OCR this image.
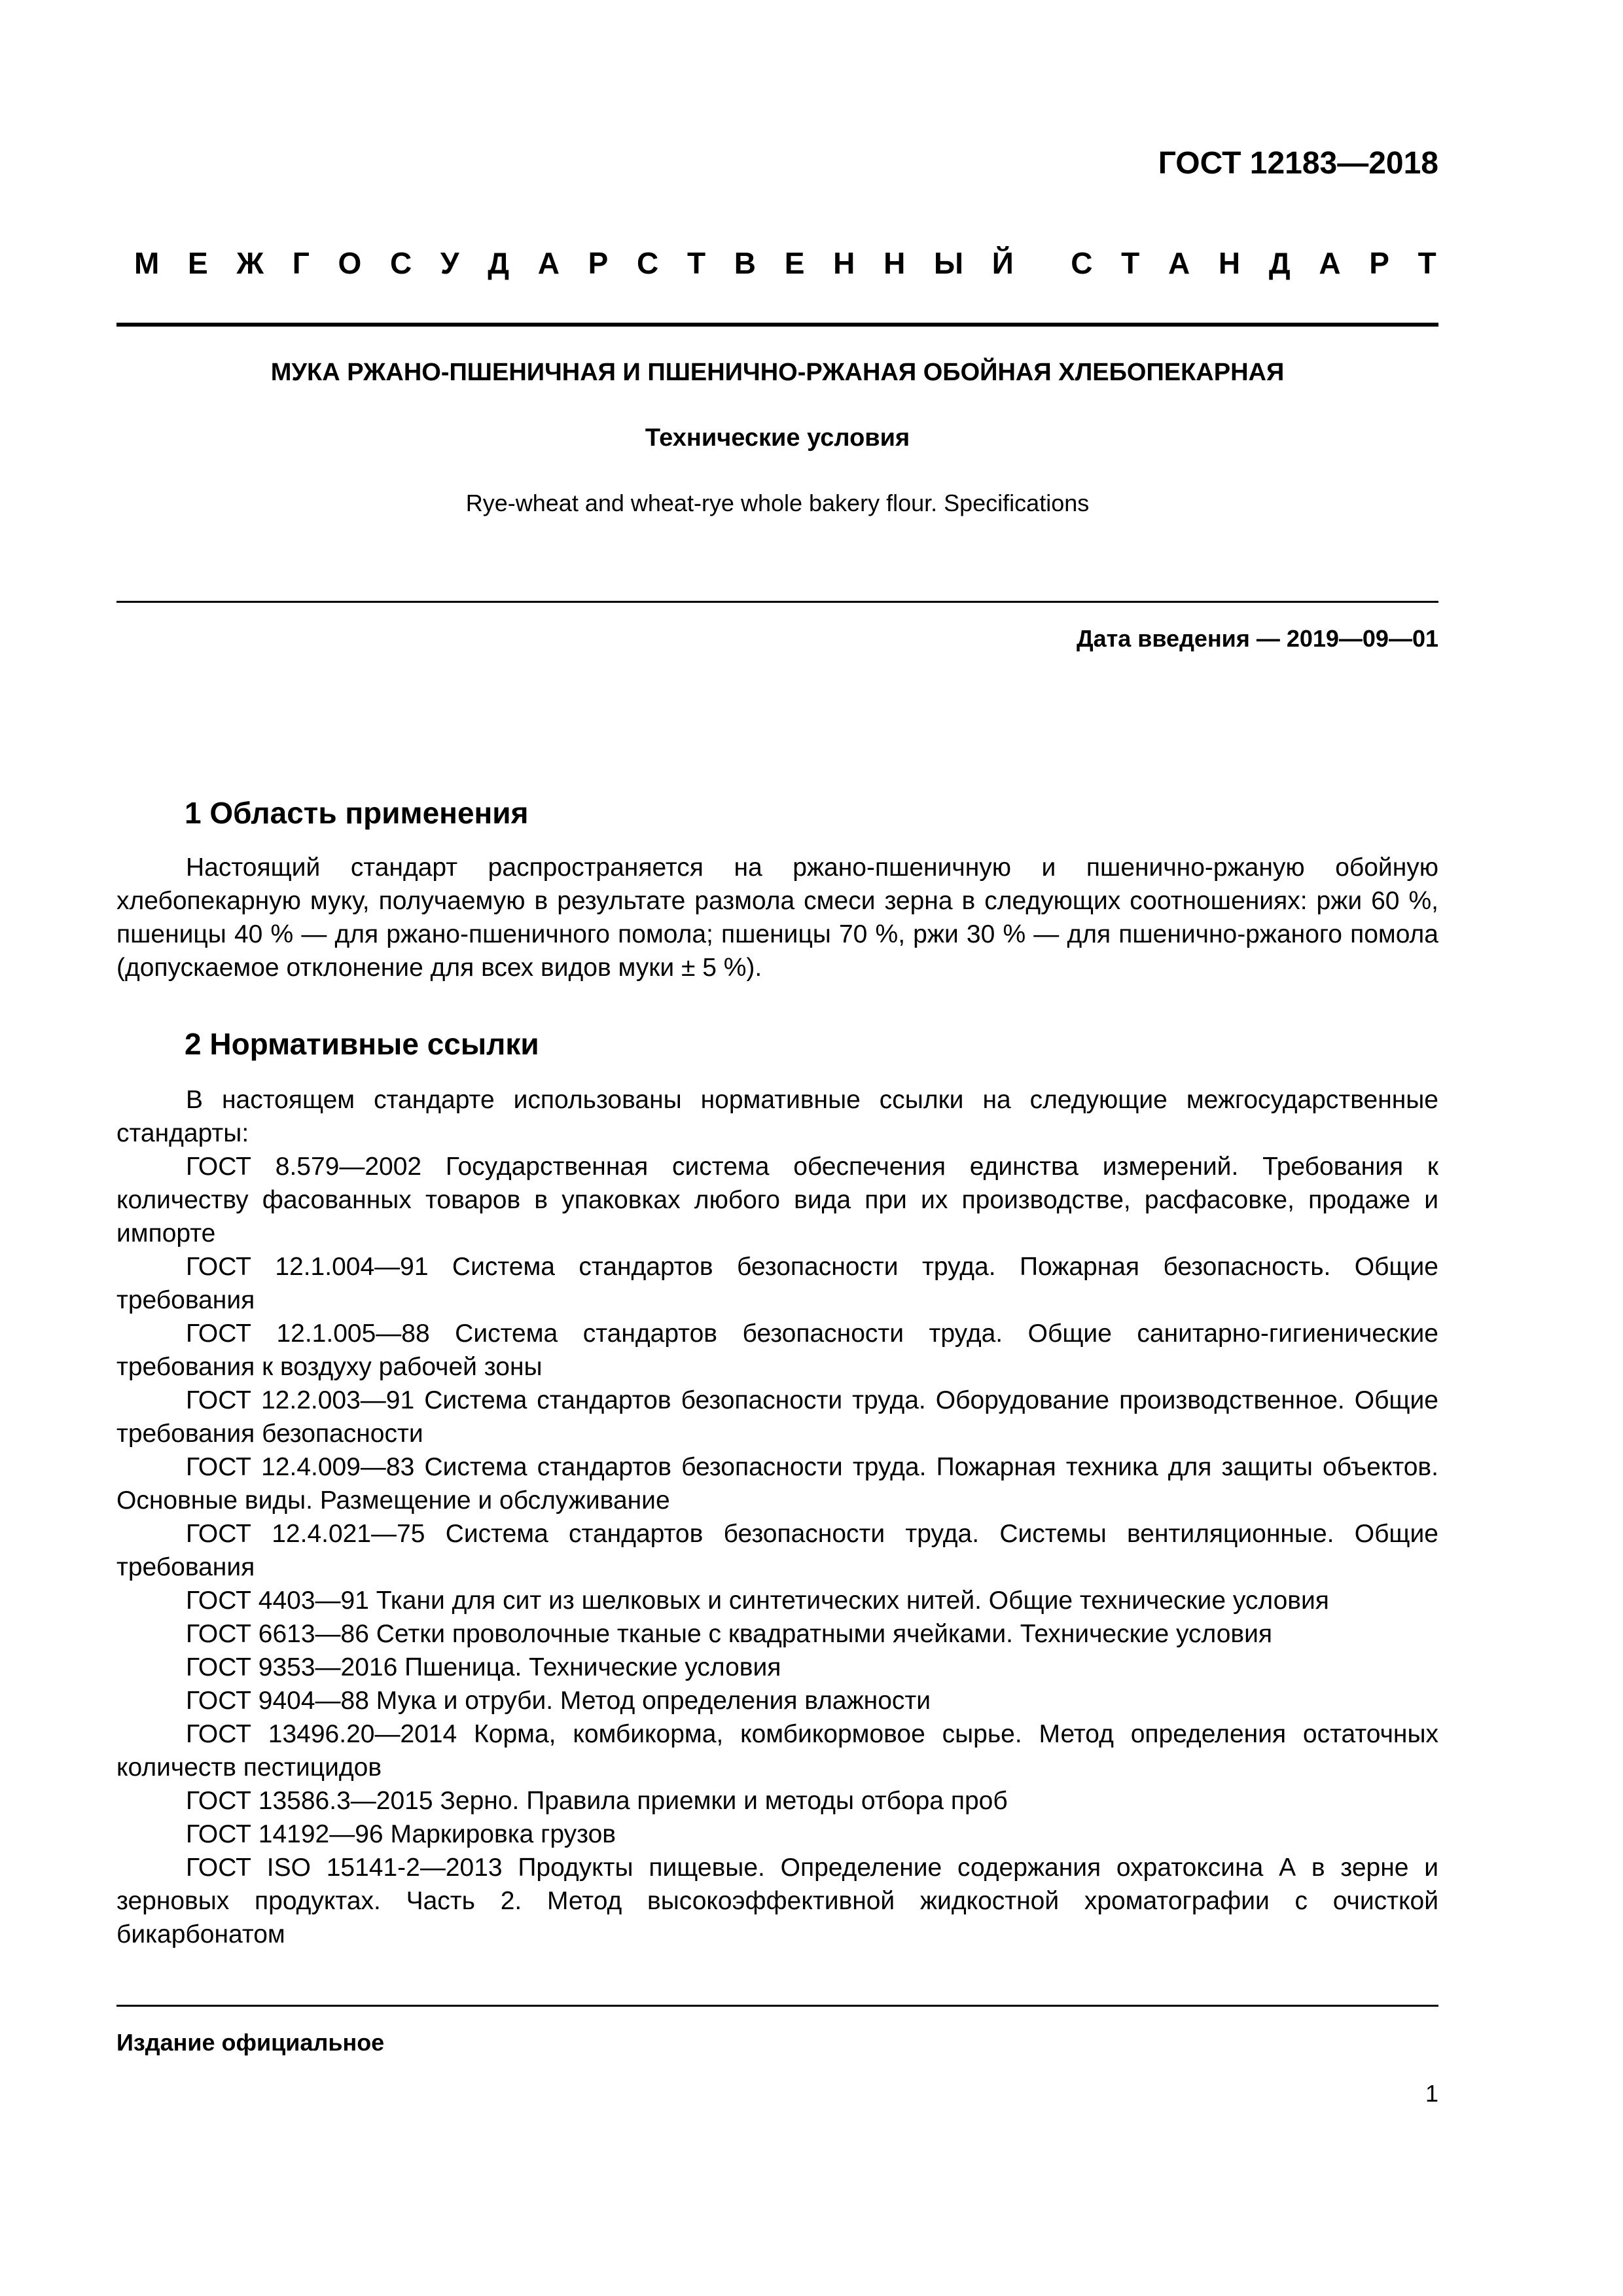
ГОСТ 12183—2018
М Е Ж Г О С У Д А Р С Т В Е Н Н Ы Й С Т А Н Д А Р Т
МУКА РЖАНО-ПШЕНИЧНАЯ И ПШЕНИЧНО-РЖАНАЯ ОБОЙНАЯ ХЛЕБОПЕКАРНАЯ
Технические условия
Rye-wheat and wheat-rye whole bakery flour. Specifications
Дата введения — 2019—09—01
1 Область применения
Настоящий стандарт распространяется на ржано-пшеничную и пшенично-ржаную обойную хлебопекарную муку, получаемую в результате размола смеси зерна в следующих соотношениях: ржи 60 %, пшеницы 40 % — для ржано-пшеничного помола; пшеницы 70 %, ржи 30 % — для пшенично-ржаного помола (допускаемое отклонение для всех видов муки ± 5 %).
2 Нормативные ссылки

В настоящем стандарте использованы нормативные ссылки на следующие межгосударственные стандарты:

ГОСТ 8.579—2002 Государственная система обеспечения единства измерений. Требования к количеству фасованных товаров в упаковках любого вида при их производстве, расфасовке, продаже и импорте

ГОСТ 12.1.004—91 Система стандартов безопасности труда. Пожарная безопасность. Общие требования

ГОСТ 12.1.005—88 Система стандартов безопасности труда. Общие санитарно-гигиенические требования к воздуху рабочей зоны

ГОСТ 12.2.003—91 Система стандартов безопасности труда. Оборудование производственное. Общие требования безопасности

ГОСТ 12.4.009—83 Система стандартов безопасности труда. Пожарная техника для защиты объектов. Основные виды. Размещение и обслуживание

ГОСТ 12.4.021—75 Система стандартов безопасности труда. Системы вентиляционные. Общие требования

ГОСТ 4403—91 Ткани для сит из шелковых и синтетических нитей. Общие технические условия

ГОСТ 6613—86 Сетки проволочные тканые с квадратными ячейками. Технические условия

ГОСТ 9353—2016 Пшеница. Технические условия

ГОСТ 9404—88 Мука и отруби. Метод определения влажности

ГОСТ 13496.20—2014 Корма, комбикорма, комбикормовое сырье. Метод определения остаточных количеств пестицидов

ГОСТ 13586.3—2015 Зерно. Правила приемки и методы отбора проб

ГОСТ 14192—96 Маркировка грузов

ГОСТ ISO 15141-2—2013 Продукты пищевые. Определение содержания охратоксина А в зерне и зерновых продуктах. Часть 2. Метод высокоэффективной жидкостной хроматографии с очисткой бикарбонатом

Издание официальное
1
